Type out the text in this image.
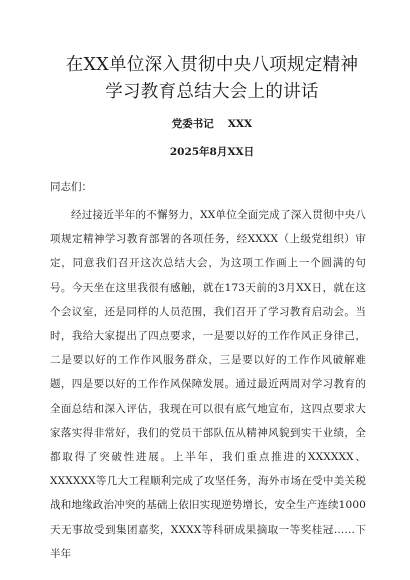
在XX单位深入贯彻中央八项规定精神
学习教育总结大会上的讲话
党委书记 XXX
2025年8月XX日
同志们：

经过接近半年的不懈努力，XX单位全面完成了深入贯彻中央八项规定精神学习教育部署的各项任务，经XXXX（上级党组织）审定，同意我们召开这次总结大会，为这项工作画上一个圆满的句号。今天坐在这里我很有感触，就在173天前的3月XX日，就在这个会议室，还是同样的人员范围，我们召开了学习教育启动会。当时，我给大家提出了四点要求，一是要以好的工作作风正身律己，二是要以好的工作作风服务群众，三是要以好的工作作风破解难题，四是要以好的工作作风保障发展。通过最近两周对学习教育的全面总结和深入评估，我现在可以很有底气地宣布，这四点要求大家落实得非常好，我们的党员干部队伍从精神风貌到实干业绩，全都取得了突破性进展。上半年，我们重点推进的XXXXXX、XXXXXX等几大工程顺利完成了攻坚任务，海外市场在受中美关税战和地缘政治冲突的基础上依旧实现逆势增长，安全生产连续1000天无事故受到集团嘉奖，XXXX等科研成果摘取一等奖桂冠……下半年
